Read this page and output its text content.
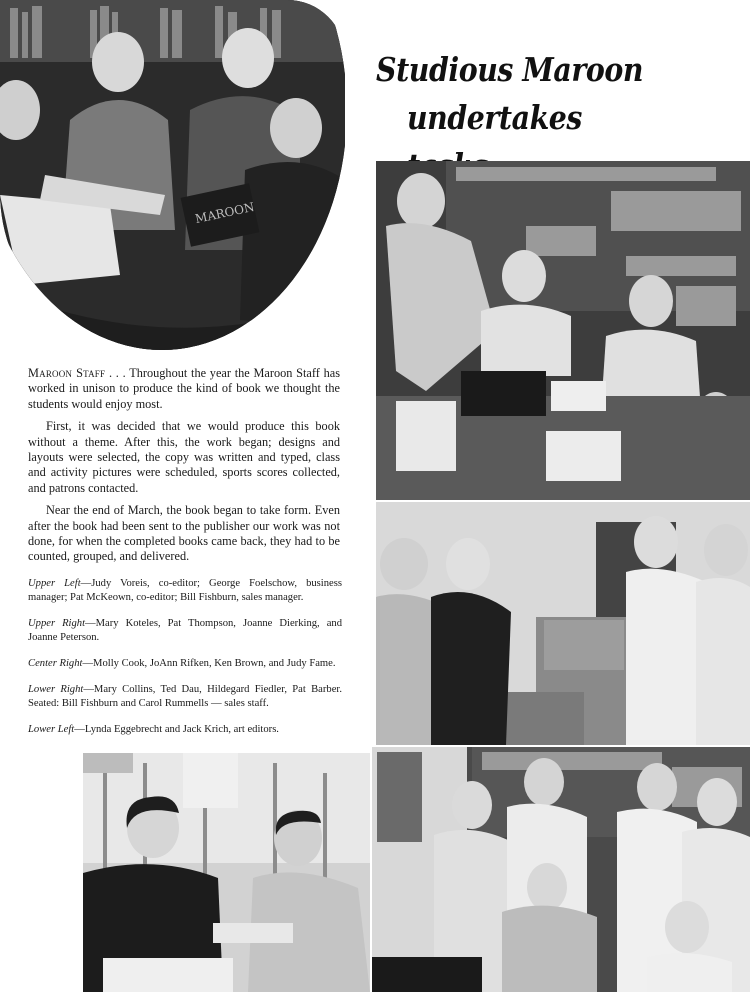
MAROON
Studious Maroon
undertakes

Maroon Staff . . . Throughout the year the Maroon Staff has worked in unison to produce the kind of book we thought the students would enjoy most.

First, it was decided that we would produce this book without a theme. After this, the work began; designs and layouts were selected, the copy was written and typed, class and activity pictures were scheduled, sports scores collected, and patrons contacted.

Near the end of March, the book began to take form. Even after the book had been sent to the publisher our work was not done, for when the completed books came back, they had to be counted, grouped, and delivered.

Upper Left—Judy Voreis, co-editor; George Foelschow, business manager; Pat McKeown, co-editor; Bill Fishburn, sales manager.

Upper Right—Mary Koteles, Pat Thompson, Joanne Dierking, and Joanne Peterson.

Center Right—Molly Cook, JoAnn Rifken, Ken Brown, and Judy Fame.

Lower Right—Mary Collins, Ted Dau, Hildegard Fiedler, Pat Barber. Seated: Bill Fishburn and Carol Rummells — sales staff.

Lower Left—Lynda Eggebrecht and Jack Krich, art editors.
